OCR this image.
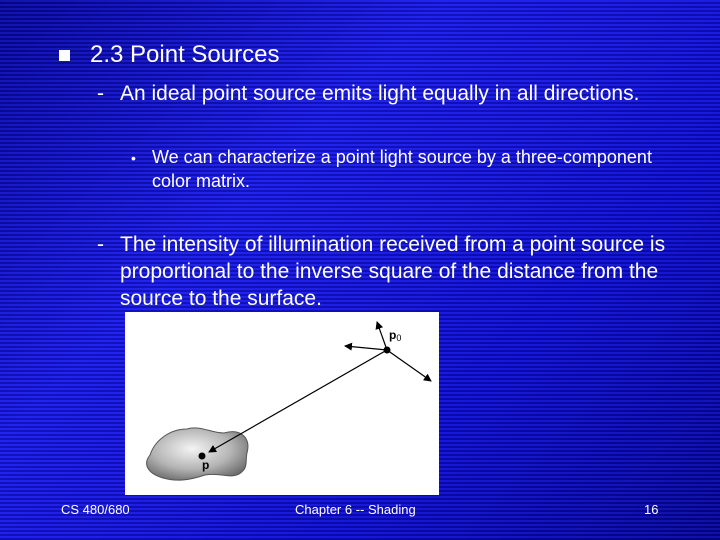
2.3 Point Sources
- An ideal point source emits light equally in all directions.
• We can characterize a point light source by a three-component color matrix.
- The intensity of illumination received from a point source is proportional to the inverse square of the distance from the source to the surface.
p0
p
CS 480/680	Chapter 6 -- Shading	16
